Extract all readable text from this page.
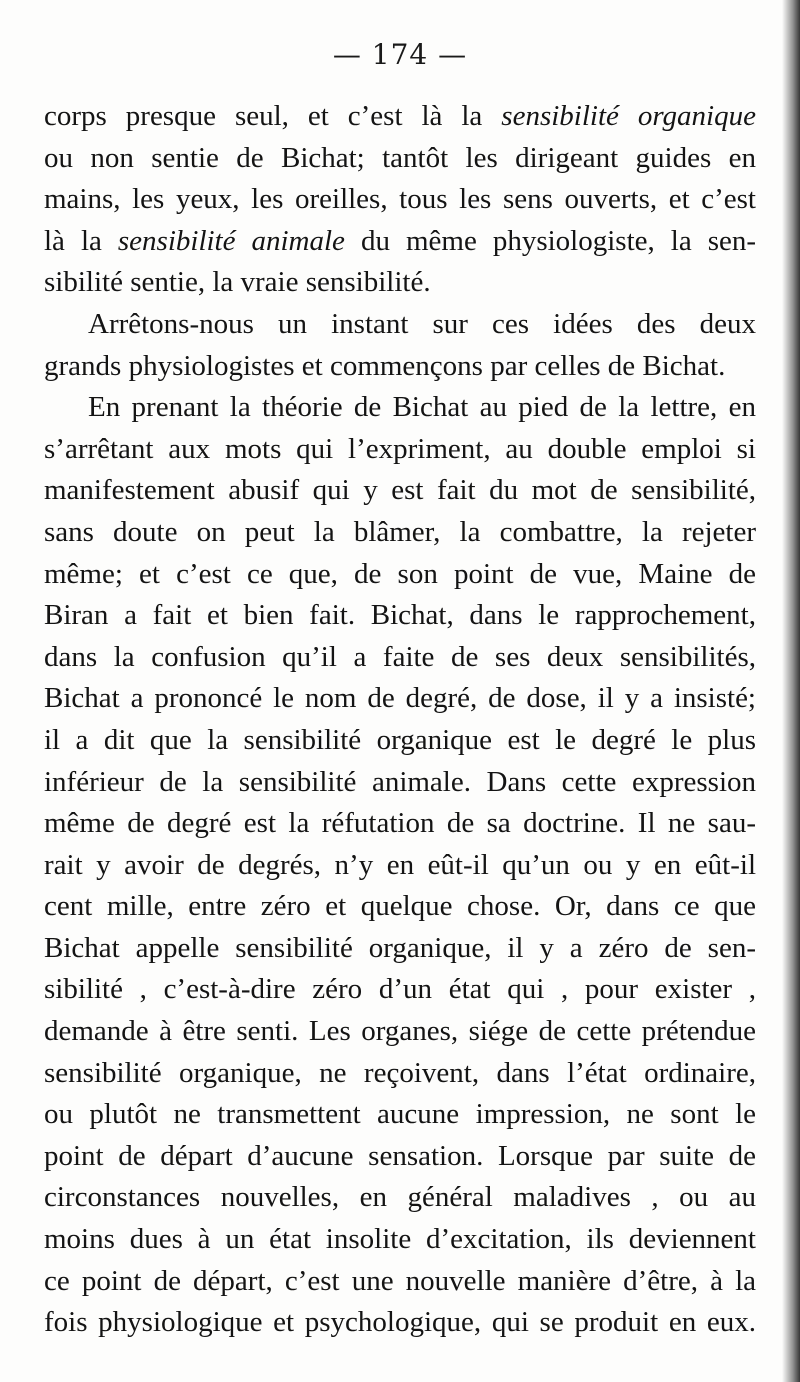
— 174 —
corps presque seul, et c’est là la sensibilité organique
ou non sentie de Bichat; tantôt les dirigeant guides en
mains, les yeux, les oreilles, tous les sens ouverts, et c’est
là la sensibilité animale du même physiologiste, la sen-
sibilité sentie, la vraie sensibilité.
Arrêtons-nous un instant sur ces idées des deux
grands physiologistes et commençons par celles de Bichat.
En prenant la théorie de Bichat au pied de la lettre, en
s’arrêtant aux mots qui l’expriment, au double emploi si
manifestement abusif qui y est fait du mot de sensibilité,
sans doute on peut la blâmer, la combattre, la rejeter
même; et c’est ce que, de son point de vue, Maine de
Biran a fait et bien fait. Bichat, dans le rapprochement,
dans la confusion qu’il a faite de ses deux sensibilités,
Bichat a prononcé le nom de degré, de dose, il y a insisté;
il a dit que la sensibilité organique est le degré le plus
inférieur de la sensibilité animale. Dans cette expression
même de degré est la réfutation de sa doctrine. Il ne sau-
rait y avoir de degrés, n’y en eût-il qu’un ou y en eût-il
cent mille, entre zéro et quelque chose. Or, dans ce que
Bichat appelle sensibilité organique, il y a zéro de sen-
sibilité , c’est-à-dire zéro d’un état qui , pour exister ,
demande à être senti. Les organes, siége de cette prétendue
sensibilité organique, ne reçoivent, dans l’état ordinaire,
ou plutôt ne transmettent aucune impression, ne sont le
point de départ d’aucune sensation. Lorsque par suite de
circonstances nouvelles, en général maladives , ou au
moins dues à un état insolite d’excitation, ils deviennent
ce point de départ, c’est une nouvelle manière d’être, à la
fois physiologique et psychologique, qui se produit en eux.
